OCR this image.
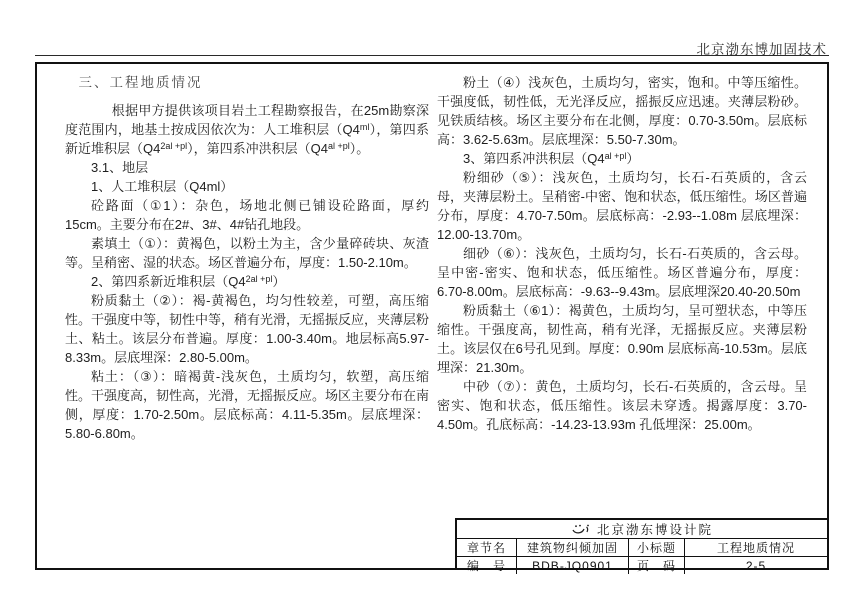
北京渤东博加固技术

三、工程地质情况

根据甲方提供该项目岩土工程勘察报告，在25m勘察深度范围内，地基土按成因依次为：人工堆积层$(Q4^{ml})$，第四系新近堆积层$(Q4^{2al +pl})$，第四系冲洪积层$(Q4^{al +pl})$。

3.1、地层

1、人工堆积层（Q4ml）

砼路面（①1）：杂色，场地北侧已铺设砼路面，厚约15cm。主要分布在2#、3#、4#钻孔地段。

素填土（①）：黄褐色，以粉土为主，含少量碎砖块、灰渣等。呈稍密、湿的状态。场区普遍分布，厚度：1.50-2.10m。

2、第四系新近堆积层$(Q4^{2al +pl})$

粉质黏土（②）：褐-黄褐色，均匀性较差，可塑，高压缩性。干强度中等，韧性中等，稍有光滑，无摇振反应，夹薄层粉土、粘土。该层分布普遍。厚度：1.00-3.40m。地层标高5.97-8.33m。层底埋深：2.80-5.00m。

粘土：（③）：暗褐黄-浅灰色，土质均匀，软塑，高压缩性。干强度高，韧性高，光滑，无摇振反应。场区主要分布在南侧，厚度：1.70-2.50m。层底标高：4.11-5.35m。层底埋深：5.80-6.80m。

粉土（④）浅灰色，土质均匀，密实，饱和。中等压缩性。干强度低，韧性低，无光泽反应，摇振反应迅速。夹薄层粉砂。见铁质结核。场区主要分布在北侧，厚度：0.70-3.50m。层底标高：3.62-5.63m。层底埋深：5.50-7.30m。

3、第四系冲洪积层$(Q4^{al +pl})$

粉细砂（⑤）：浅灰色，土质均匀，长石-石英质的，含云母，夹薄层粉土。呈稍密-中密、饱和状态，低压缩性。场区普遍分布，厚度：4.70-7.50m。层底标高：-2.93--1.08m 层底埋深：12.00-13.70m。

细砂（⑥）：浅灰色，土质均匀，长石-石英质的，含云母。呈中密-密实、饱和状态，低压缩性。场区普遍分布，厚度：6.70-8.00m。层底标高：-9.63--9.43m。层底埋深20.40-20.50m

粉质黏土（⑥1）：褐黄色，土质均匀，呈可塑状态，中等压缩性。干强度高，韧性高，稍有光泽，无摇振反应。夹薄层粉土。该层仅在6号孔见到。厚度：0.90m 层底标高-10.53m。层底埋深：21.30m。

中砂（⑦）：黄色，土质均匀，长石-石英质的，含云母。呈密实、饱和状态，低压缩性。该层未穿透。揭露厚度：3.70-4.50m。孔底标高：-14.23-13.93m 孔低埋深：25.00m。

北京渤东博设计院
章节名	建筑物纠倾加固	小标题	工程地质情况
编　号	BDB-JQ0901	页　码	2-5
